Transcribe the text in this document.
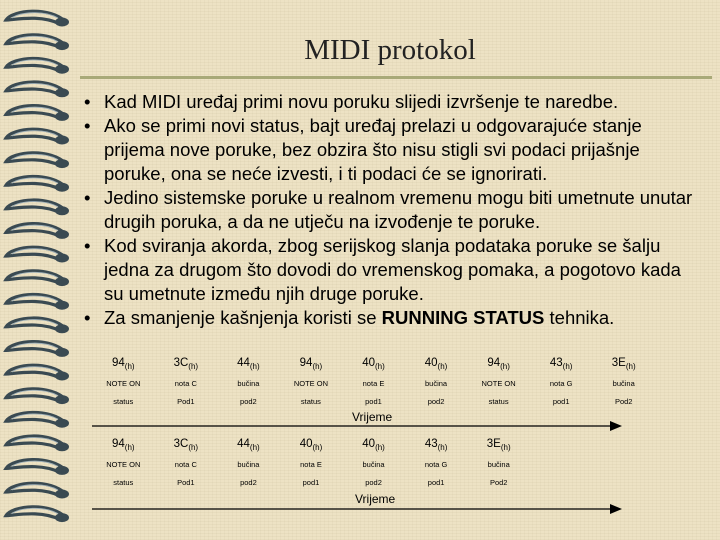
MIDI protokol
• Kad MIDI uređaj primi novu poruku slijedi izvršenje te naredbe.
• Ako se primi novi status, bajt uređaj prelazi u odgovarajuće stanje prijema nove poruke, bez obzira što nisu stigli svi podaci prijašnje poruke, ona se neće izvesti, i ti podaci će se ignorirati.
• Jedino sistemske poruke u realnom vremenu mogu biti umetnute unutar drugih poruka, a da ne utječu na izvođenje te poruke.
• Kod sviranja akorda, zbog serijskog slanja podataka poruke se šalju jedna za drugom što dovodi do vremenskog pomaka, a pogotovo kada su umetnute između njih druge poruke.
• Za smanjenje kašnjenja koristi se RUNNING STATUS tehnika.
$94_{(h)}$	$3C_{(h)}$	$44_{(h)}$	$94_{(h)}$	$40_{(h)}$	$40_{(h)}$	$94_{(h)}$	$43_{(h)}$	$3E_{(h)}$
NOTE ON	nota C	bučina	NOTE ON	nota E	bučina	NOTE ON	nota G	bučina
status	Pod1	pod2	status	pod1	pod2	status	pod1	Pod2
Vrijeme
$94_{(h)}$	$3C_{(h)}$	$44_{(h)}$	$40_{(h)}$	$40_{(h)}$	$43_{(h)}$	$3E_{(h)}$
NOTE ON	nota C	bučina	nota E	bučina	nota G	bučina
status	Pod1	pod2	pod1	pod2	pod1	Pod2
Vrijeme
